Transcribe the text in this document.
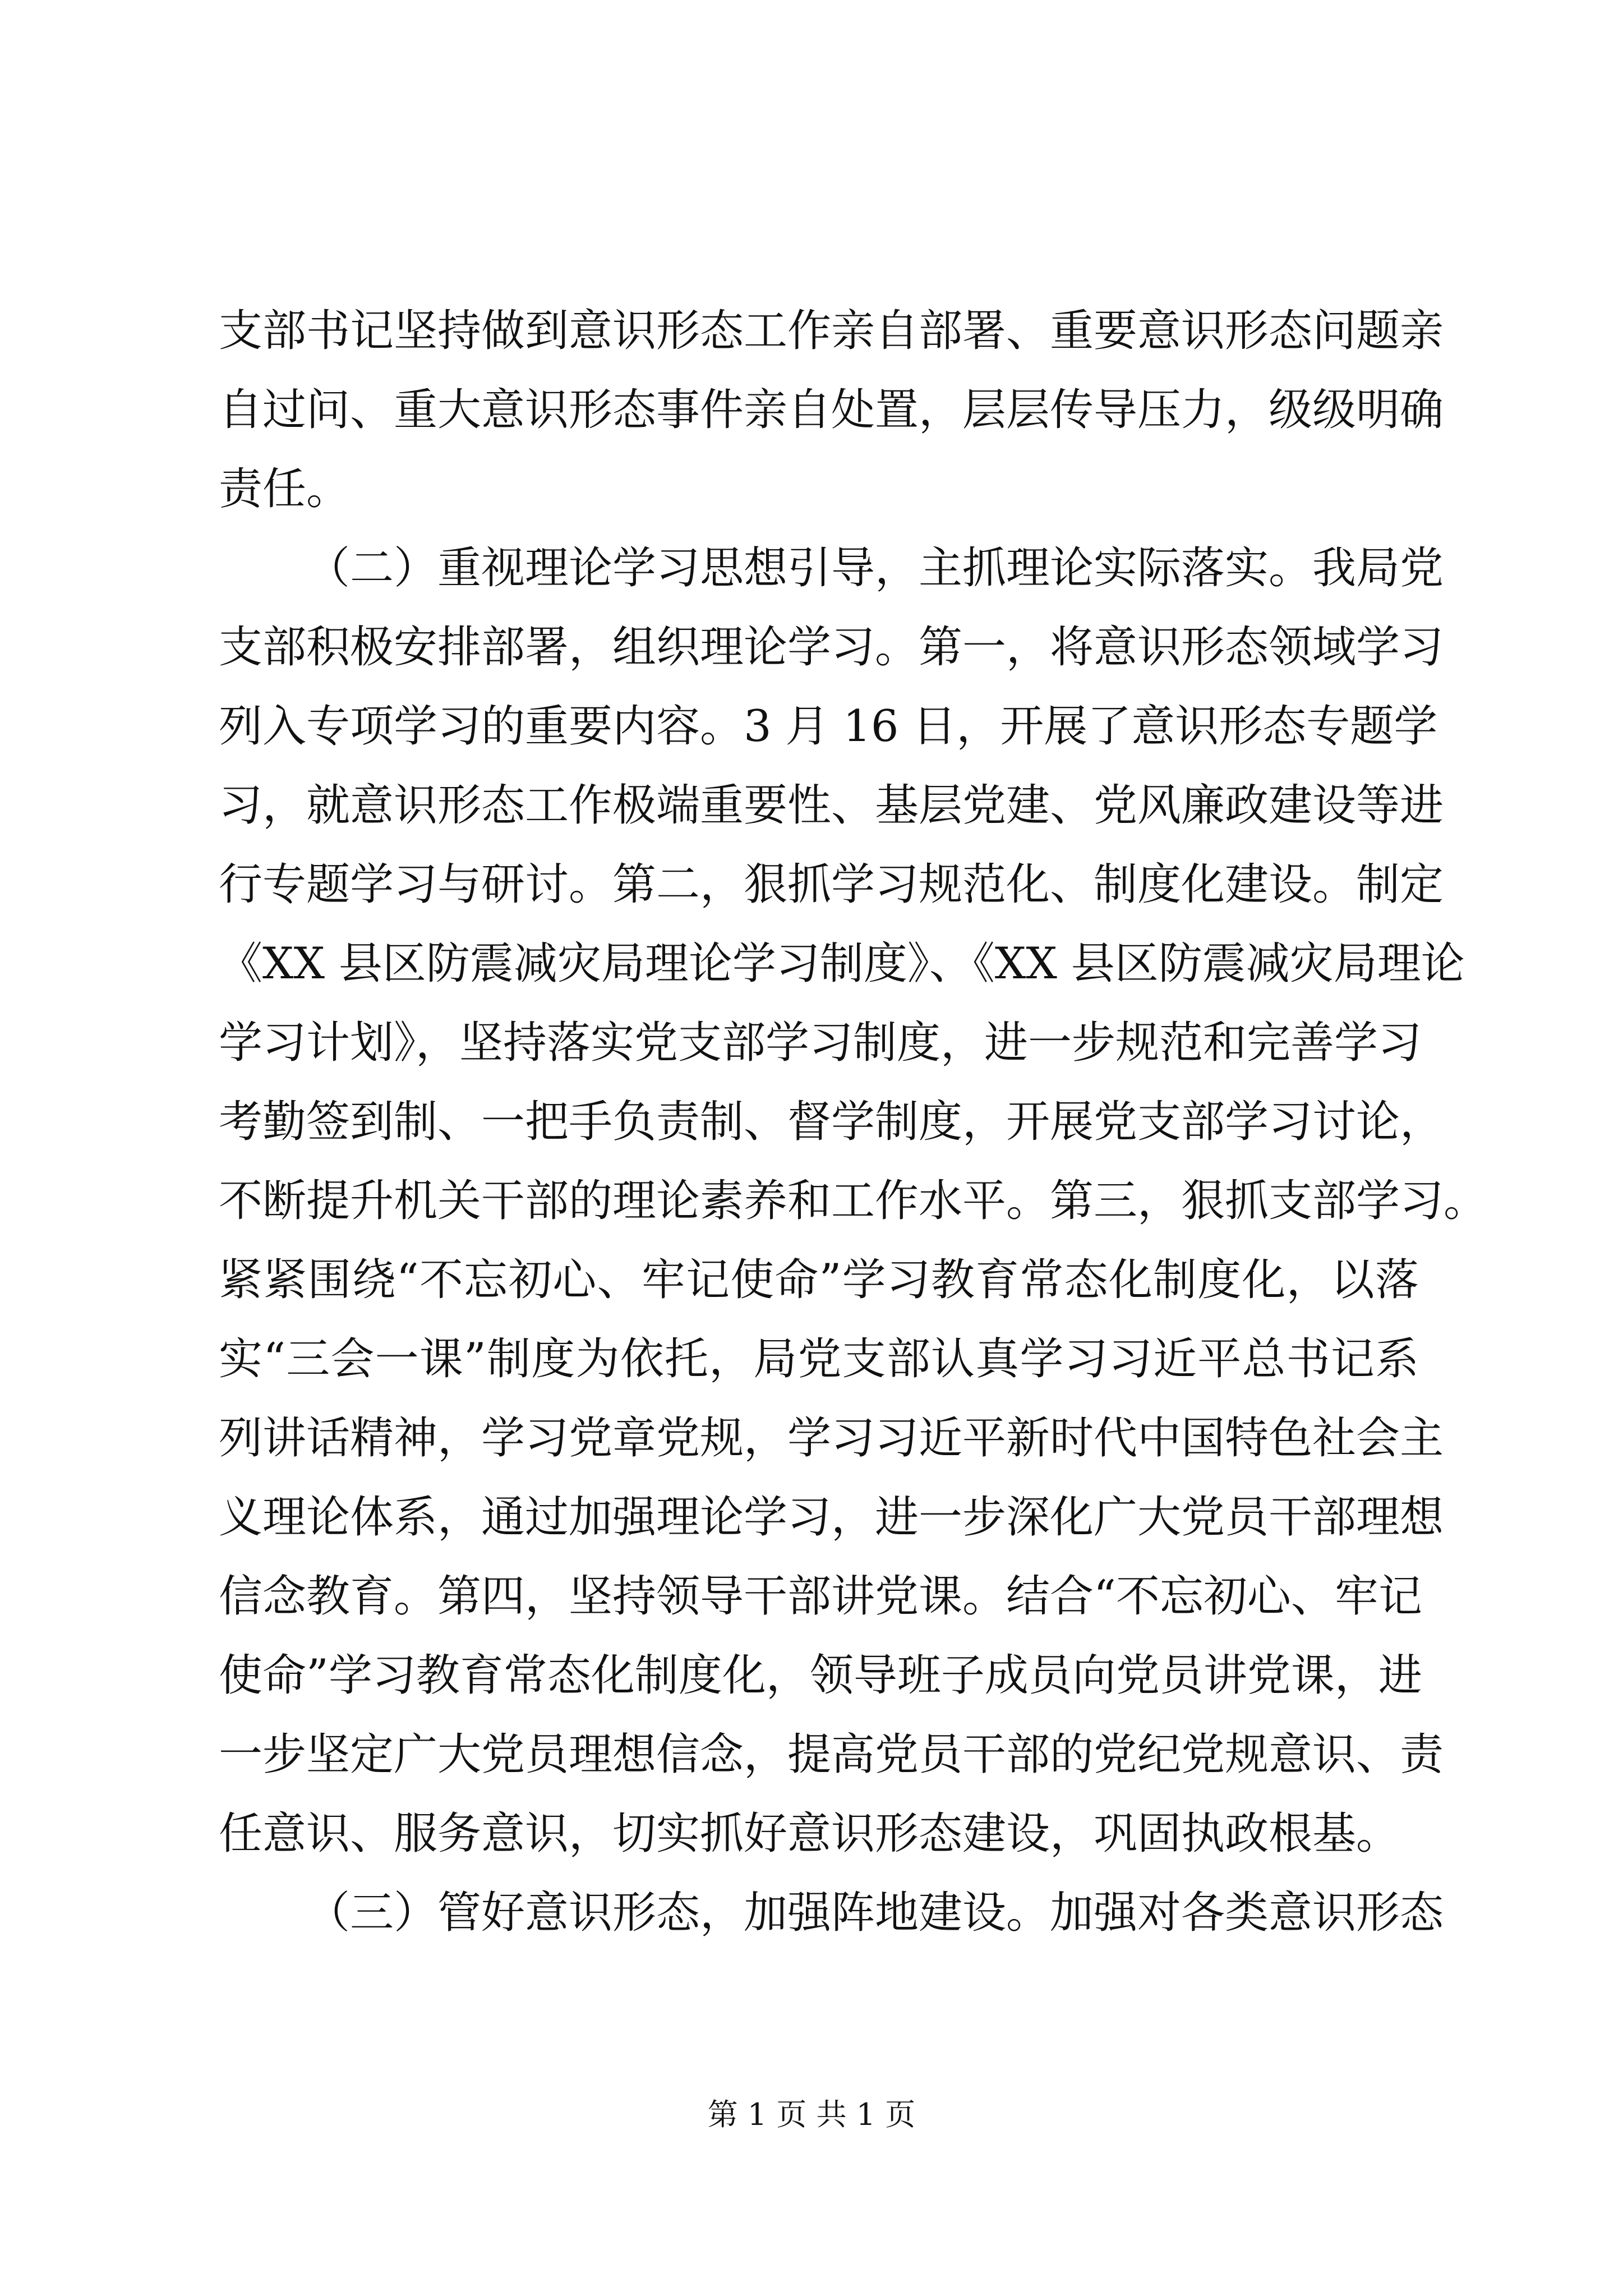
支部书记坚持做到意识形态工作亲自部署、重要意识形态问题亲
自过问、重大意识形态事件亲自处置，层层传导压力，级级明确
责任。
（二）重视理论学习思想引导，主抓理论实际落实。我局党
支部积极安排部署，组织理论学习。第一，将意识形态领域学习
列入专项学习的重要内容。3 月 16 日，开展了意识形态专题学
习，就意识形态工作极端重要性、基层党建、党风廉政建设等进
行专题学习与研讨。第二，狠抓学习规范化、制度化建设。制定
《XX 县区防震减灾局理论学习制度》、《XX 县区防震减灾局理论
学习计划》，坚持落实党支部学习制度，进一步规范和完善学习
考勤签到制、一把手负责制、督学制度，开展党支部学习讨论，
不断提升机关干部的理论素养和工作水平。第三，狠抓支部学习。
紧紧围绕“不忘初心、牢记使命”学习教育常态化制度化，以落
实“三会一课”制度为依托，局党支部认真学习习近平总书记系
列讲话精神，学习党章党规，学习习近平新时代中国特色社会主
义理论体系，通过加强理论学习，进一步深化广大党员干部理想
信念教育。第四，坚持领导干部讲党课。结合“不忘初心、牢记
使命”学习教育常态化制度化，领导班子成员向党员讲党课，进
一步坚定广大党员理想信念，提高党员干部的党纪党规意识、责
任意识、服务意识，切实抓好意识形态建设，巩固执政根基。
（三）管好意识形态，加强阵地建设。加强对各类意识形态
第 1 页 共 1 页
